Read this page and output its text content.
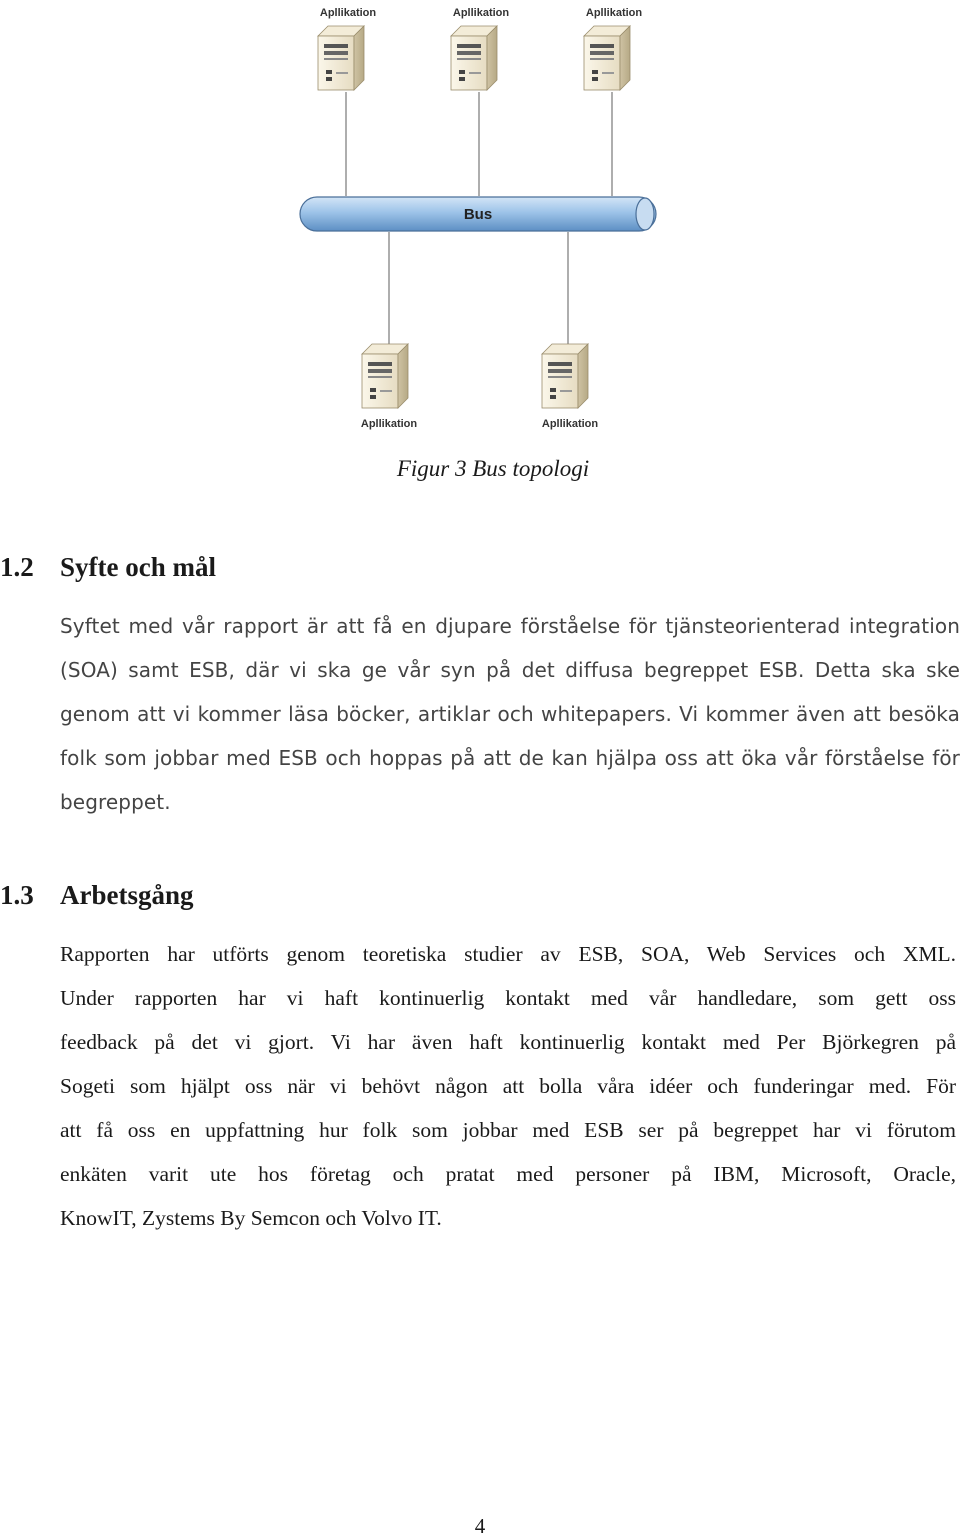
Bus
Apllikation	Apllikation	Apllikation
Apllikation	Apllikation
Figur 3 Bus topologi
1.2 Syfte och mål
Syftet med vår rapport är att få en djupare förståelse för tjänsteorienterad integration
(SOA) samt ESB, där vi ska ge vår syn på det diffusa begreppet ESB. Detta ska ske
genom att vi kommer läsa böcker, artiklar och whitepapers. Vi kommer även att besöka
folk som jobbar med ESB och hoppas på att de kan hjälpa oss att öka vår förståelse för
begreppet.
1.3 Arbetsgång
Rapporten har utförts genom teoretiska studier av ESB, SOA, Web Services och XML.
Under rapporten har vi haft kontinuerlig kontakt med vår handledare, som gett oss
feedback på det vi gjort. Vi har även haft kontinuerlig kontakt med Per Björkegren på
Sogeti som hjälpt oss när vi behövt någon att bolla våra idéer och funderingar med. För
att få oss en uppfattning hur folk som jobbar med ESB ser på begreppet har vi förutom
enkäten varit ute hos företag och pratat med personer på IBM, Microsoft, Oracle,
KnowIT, Zystems By Semcon och Volvo IT.
4
